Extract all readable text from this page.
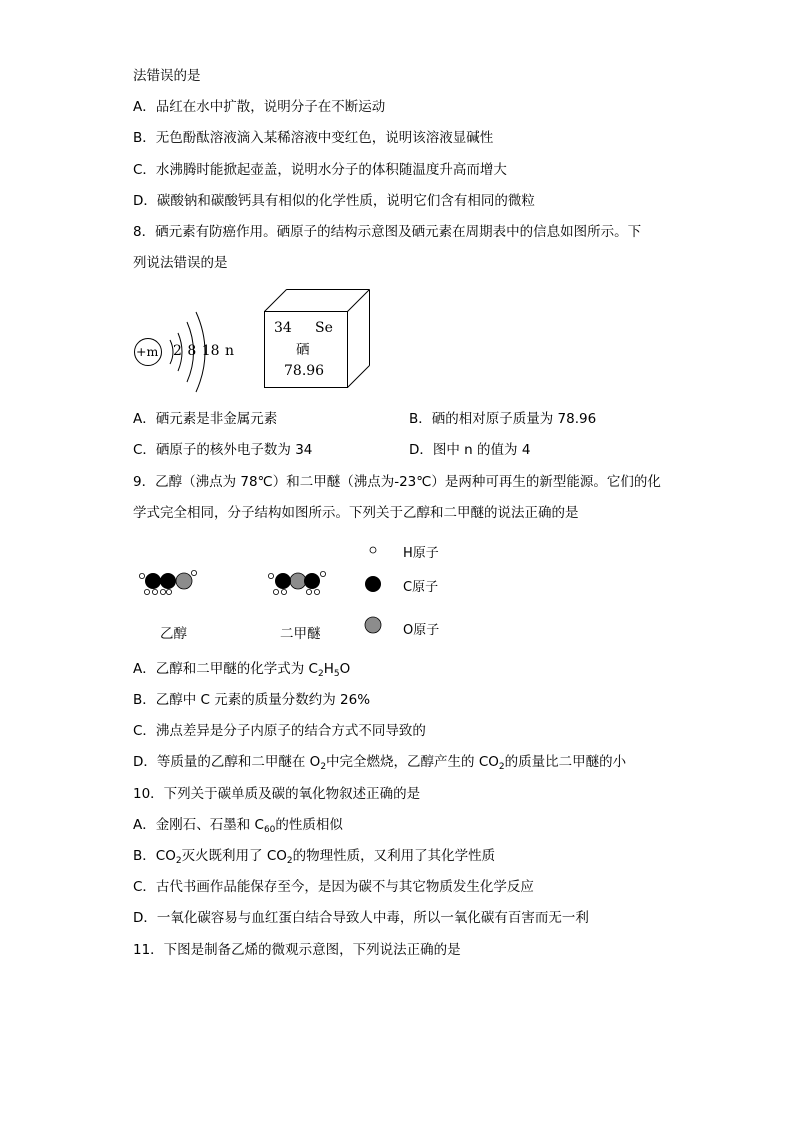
法错误的是
A．品红在水中扩散，说明分子在不断运动
B．无色酚酞溶液滴入某稀溶液中变红色，说明该溶液显碱性
C．水沸腾时能掀起壶盖，说明水分子的体积随温度升高而增大
D．碳酸钠和碳酸钙具有相似的化学性质，说明它们含有相同的微粒
8．硒元素有防癌作用。硒原子的结构示意图及硒元素在周期表中的信息如图所示。下
列说法错误的是
+m 2 8 18 n
34 Se
硒
78.96
A．硒元素是非金属元素	B．硒的相对原子质量为 78.96
C．硒原子的核外电子数为 34	D．图中 n 的值为 4
9．乙醇（沸点为 78℃）和二甲醚（沸点为-23℃）是两种可再生的新型能源。它们的化
学式完全相同，分子结构如图所示。下列关于乙醇和二甲醚的说法正确的是
乙醇	二甲醚
H原子
C原子
O原子
A．乙醇和二甲醚的化学式为 $C_2H_5O$
B．乙醇中 C 元素的质量分数约为 26%
C．沸点差异是分子内原子的结合方式不同导致的
D．等质量的乙醇和二甲醚在 $O_2$中完全燃烧，乙醇产生的 $CO_2$的质量比二甲醚的小
10．下列关于碳单质及碳的氧化物叙述正确的是
A．金刚石、石墨和 $C_{60}$的性质相似
B．$CO_2$灭火既利用了 $CO_2$的物理性质，又利用了其化学性质
C．古代书画作品能保存至今，是因为碳不与其它物质发生化学反应
D．一氧化碳容易与血红蛋白结合导致人中毒，所以一氧化碳有百害而无一利
11．下图是制备乙烯的微观示意图，下列说法正确的是
